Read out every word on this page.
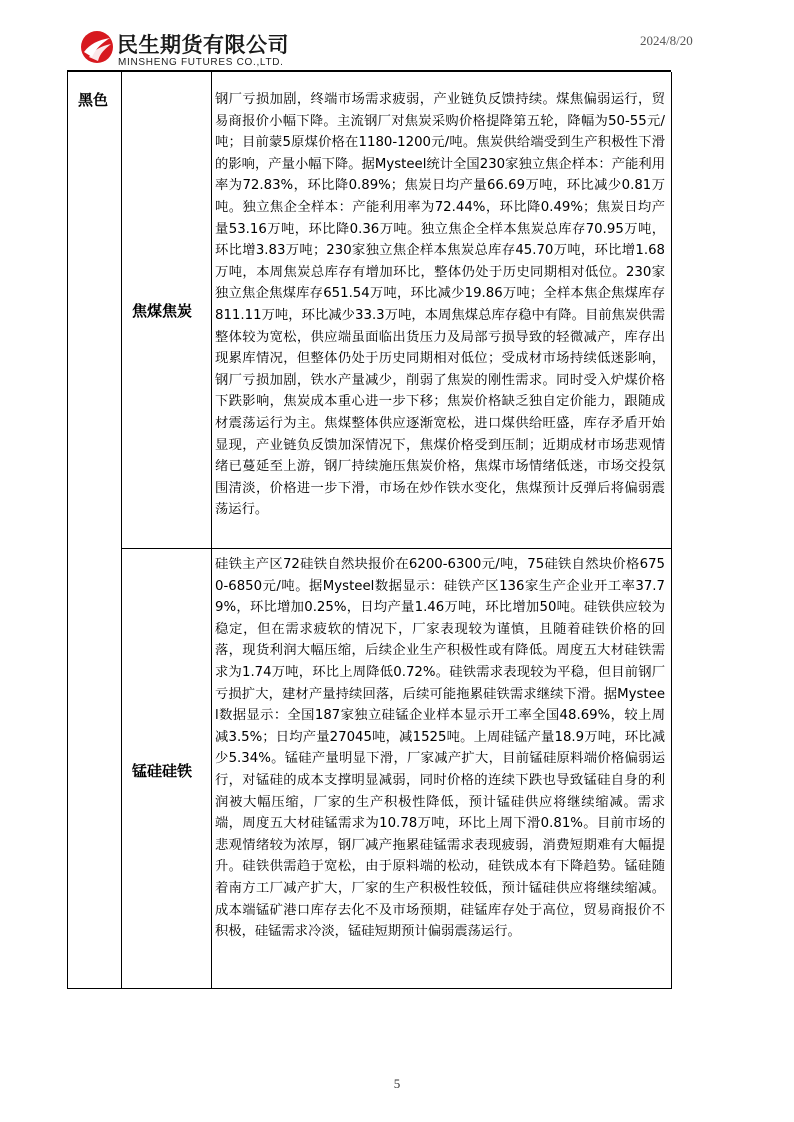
民生期货有限公司
MINSHENG FUTURES CO.,LTD.
2024/8/20
黑色
焦煤焦炭
钢厂亏损加剧，终端市场需求疲弱，产业链负反馈持续。煤焦偏弱运行，贸易商报价小幅下降。主流钢厂对焦炭采购价格提降第五轮，降幅为50-55元/吨；目前蒙5原煤价格在1180-1200元/吨。焦炭供给端受到生产积极性下滑的影响，产量小幅下降。据Mysteel统计全国230家独立焦企样本：产能利用率为72.83%，环比降0.89%；焦炭日均产量66.69万吨，环比减少0.81万吨。独立焦企全样本：产能利用率为72.44%，环比降0.49%；焦炭日均产量53.16万吨，环比降0.36万吨。独立焦企全样本焦炭总库存70.95万吨，环比增3.83万吨；230家独立焦企样本焦炭总库存45.70万吨，环比增1.68万吨，本周焦炭总库存有增加环比，整体仍处于历史同期相对低位。230家独立焦企焦煤库存651.54万吨，环比减少19.86万吨；全样本焦企焦煤库存811.11万吨，环比减少33.3万吨，本周焦煤总库存稳中有降。目前焦炭供需整体较为宽松，供应端虽面临出货压力及局部亏损导致的轻微减产，库存出现累库情况，但整体仍处于历史同期相对低位；受成材市场持续低迷影响，钢厂亏损加剧，铁水产量减少，削弱了焦炭的刚性需求。同时受入炉煤价格下跌影响，焦炭成本重心进一步下移；焦炭价格缺乏独自定价能力，跟随成材震荡运行为主。焦煤整体供应逐渐宽松，进口煤供给旺盛，库存矛盾开始显现，产业链负反馈加深情况下，焦煤价格受到压制；近期成材市场悲观情绪已蔓延至上游，钢厂持续施压焦炭价格，焦煤市场情绪低迷，市场交投氛围清淡，价格进一步下滑，市场在炒作铁水变化，焦煤预计反弹后将偏弱震荡运行。
锰硅硅铁
硅铁主产区72硅铁自然块报价在6200-6300元/吨，75硅铁自然块价格6750-6850元/吨。据Mysteel数据显示：硅铁产区136家生产企业开工率37.79%，环比增加0.25%，日均产量1.46万吨，环比增加50吨。硅铁供应较为稳定，但在需求疲软的情况下，厂家表现较为谨慎，且随着硅铁价格的回落，现货利润大幅压缩，后续企业生产积极性或有降低。周度五大材硅铁需求为1.74万吨，环比上周降低0.72%。硅铁需求表现较为平稳，但目前钢厂亏损扩大，建材产量持续回落，后续可能拖累硅铁需求继续下滑。据Mysteel数据显示：全国187家独立硅锰企业样本显示开工率全国48.69%，较上周减3.5%；日均产量27045吨，减1525吨。上周硅锰产量18.9万吨，环比减少5.34%。锰硅产量明显下滑，厂家减产扩大，目前锰硅原料端价格偏弱运行，对锰硅的成本支撑明显减弱，同时价格的连续下跌也导致锰硅自身的利润被大幅压缩，厂家的生产积极性降低，预计锰硅供应将继续缩减。需求端，周度五大材硅锰需求为10.78万吨，环比上周下滑0.81%。目前市场的悲观情绪较为浓厚，钢厂减产拖累硅锰需求表现疲弱，消费短期难有大幅提升。硅铁供需趋于宽松，由于原料端的松动，硅铁成本有下降趋势。锰硅随着南方工厂减产扩大，厂家的生产积极性较低，预计锰硅供应将继续缩减。成本端锰矿港口库存去化不及市场预期，硅锰库存处于高位，贸易商报价不积极，硅锰需求冷淡，锰硅短期预计偏弱震荡运行。
5
